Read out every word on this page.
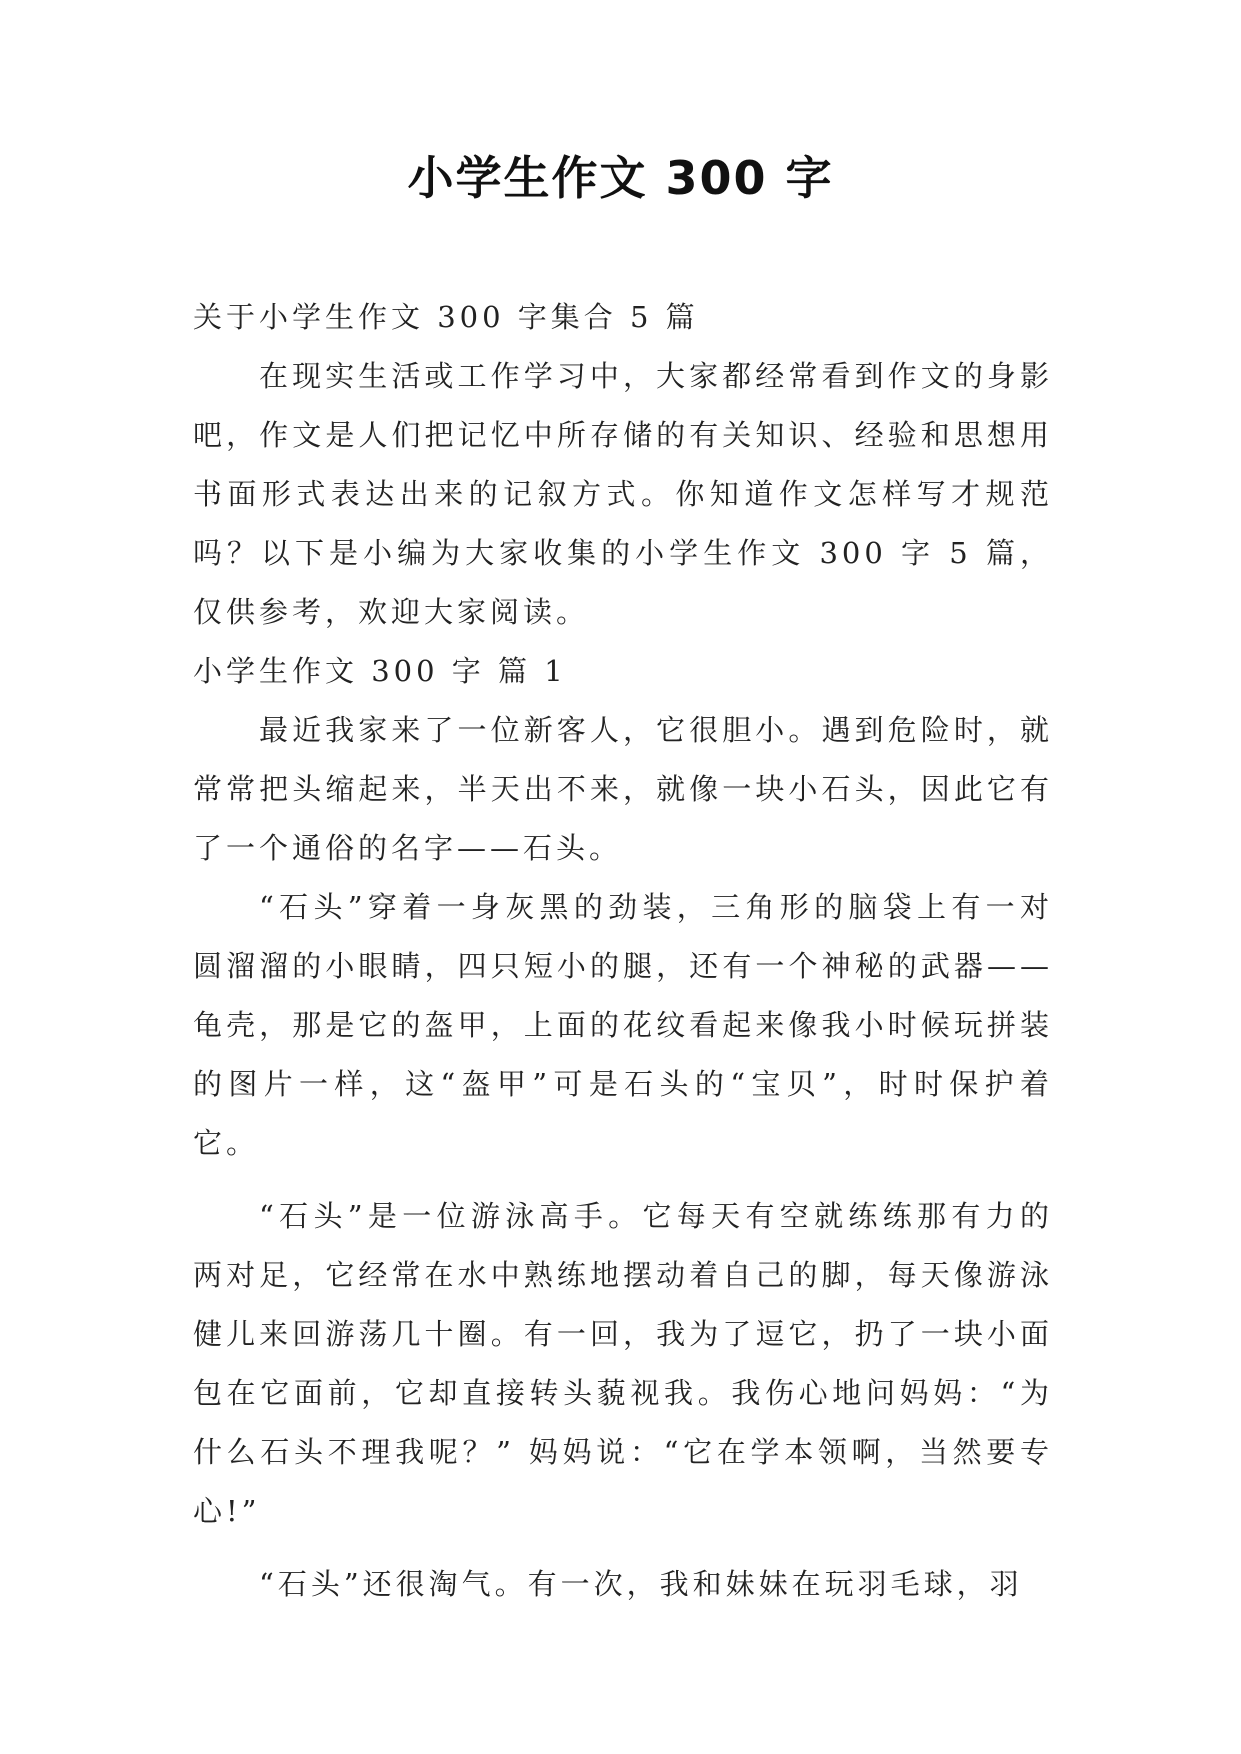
小学生作文 300 字

关于小学生作文 300 字集合 5 篇

在现实生活或工作学习中，大家都经常看到作文的身影吧，作文是人们把记忆中所存储的有关知识、经验和思想用书面形式表达出来的记叙方式。你知道作文怎样写才规范吗？以下是小编为大家收集的小学生作文 300 字 5 篇，仅供参考，欢迎大家阅读。

小学生作文 300 字 篇 1

最近我家来了一位新客人，它很胆小。遇到危险时，就常常把头缩起来，半天出不来，就像一块小石头，因此它有了一个通俗的名字——石头。

“石头”穿着一身灰黑的劲装，三角形的脑袋上有一对圆溜溜的小眼睛，四只短小的腿，还有一个神秘的武器——龟壳，那是它的盔甲，上面的花纹看起来像我小时候玩拼装的图片一样，这“盔甲”可是石头的“宝贝”，时时保护着它。

“石头”是一位游泳高手。它每天有空就练练那有力的两对足，它经常在水中熟练地摆动着自己的脚，每天像游泳健儿来回游荡几十圈。有一回，我为了逗它，扔了一块小面包在它面前，它却直接转头藐视我。我伤心地问妈妈：“为什么石头不理我呢？” 妈妈说：“它在学本领啊，当然要专心!”

“石头”还很淘气。有一次，我和妹妹在玩羽毛球，羽
